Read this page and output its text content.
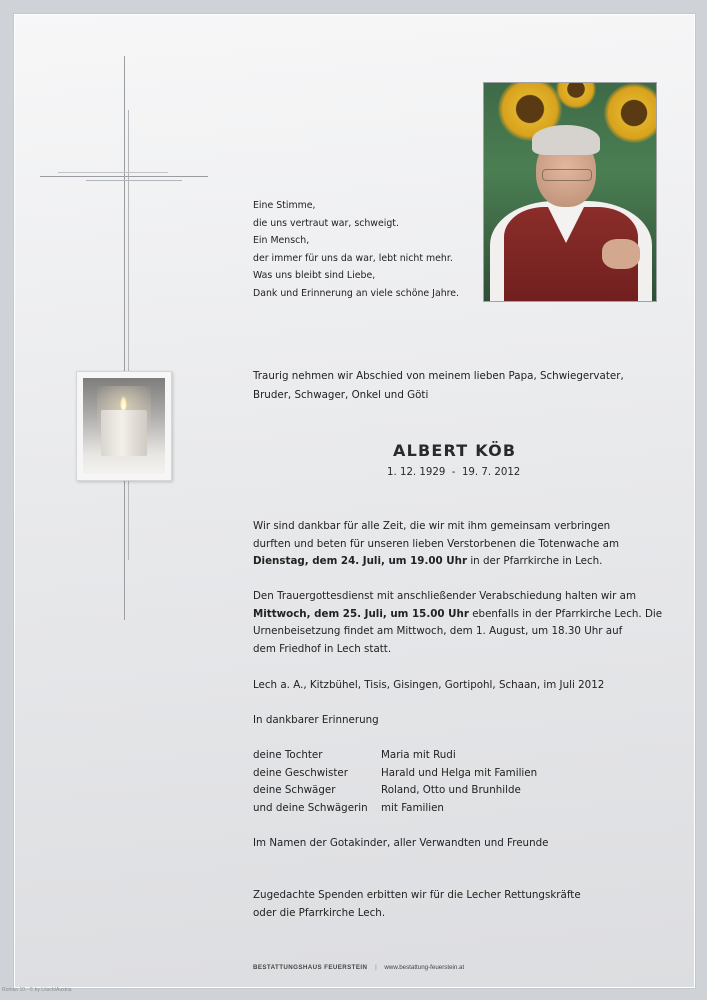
Eine Stimme,
die uns vertraut war, schweigt.
Ein Mensch,
der immer für uns da war, lebt nicht mehr.
Was uns bleibt sind Liebe,
Dank und Erinnerung an viele schöne Jahre.
Traurig nehmen wir Abschied von meinem lieben Papa, Schwiegervater,
Bruder, Schwager, Onkel und Göti
ALBERT KÖB
1. 12. 1929  -  19. 7. 2012
Wir sind dankbar für alle Zeit, die wir mit ihm gemeinsam verbringen
durften und beten für unseren lieben Verstorbenen die Totenwache am
Dienstag, dem 24. Juli, um 19.00 Uhr in der Pfarrkirche in Lech.
Den Trauergottesdienst mit anschließender Verabschiedung halten wir am
Mittwoch, dem 25. Juli, um 15.00 Uhr ebenfalls in der Pfarrkirche Lech. Die
Urnenbeisetzung findet am Mittwoch, dem 1. August, um 18.30 Uhr auf
dem Friedhof in Lech statt.
Lech a. A., Kitzbühel, Tisis, Gisingen, Gortipohl, Schaan, im Juli 2012
In dankbarer Erinnerung
deine Tochter	Maria mit Rudi
deine Geschwister	Harald und Helga mit Familien
deine Schwäger	Roland, Otto und Brunhilde
und deine Schwägerin	mit Familien
Im Namen der Gotakinder, aller Verwandten und Freunde
Zugedachte Spenden erbitten wir für die Lecher Rettungskräfte
oder die Pfarrkirche Lech.
BESTATTUNGSHAUS FEUERSTEIN | www.bestattung-feuerstein.at
Roman 10 - © by Lösch/Austria
